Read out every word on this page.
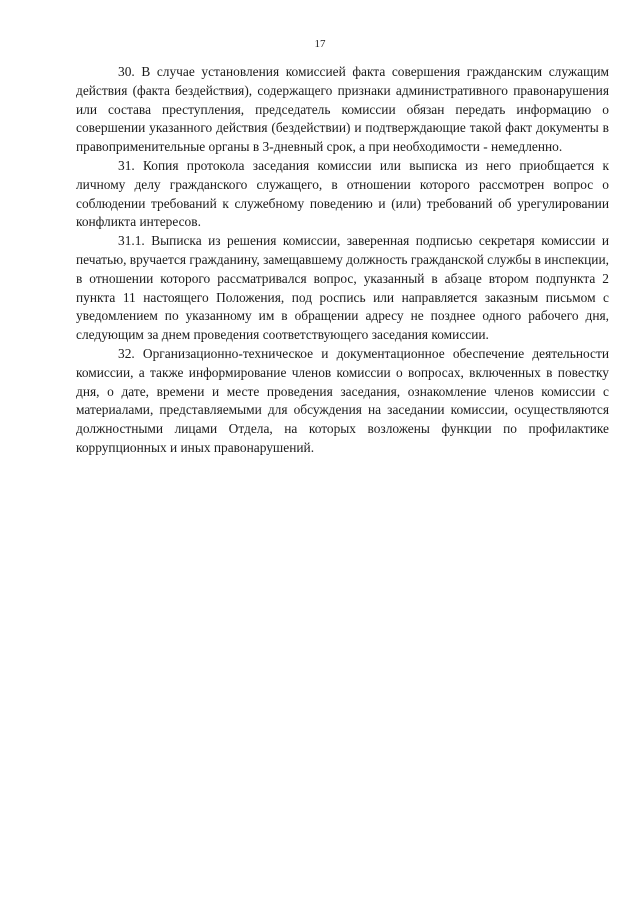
17

30. В случае установления комиссией факта совершения гражданским служащим действия (факта бездействия), содержащего признаки административного правонарушения или состава преступления, председатель комиссии обязан передать информацию о совершении указанного действия (бездействии) и подтверждающие такой факт документы в правоприменительные органы в 3-дневный срок, а при необходимости - немедленно.

31. Копия протокола заседания комиссии или выписка из него приобщается к личному делу гражданского служащего, в отношении которого рассмотрен вопрос о соблюдении требований к служебному поведению и (или) требований об урегулировании конфликта интересов.

31.1. Выписка из решения комиссии, заверенная подписью секретаря комиссии и печатью, вручается гражданину, замещавшему должность гражданской службы в инспекции, в отношении которого рассматривался вопрос, указанный в абзаце втором подпункта 2 пункта 11 настоящего Положения, под роспись или направляется заказным письмом с уведомлением по указанному им в обращении адресу не позднее одного рабочего дня, следующим за днем проведения соответствующего заседания комиссии.

32. Организационно-техническое и документационное обеспечение деятельности комиссии, а также информирование членов комиссии о вопросах, включенных в повестку дня, о дате, времени и месте проведения заседания, ознакомление членов комиссии с материалами, представляемыми для обсуждения на заседании комиссии, осуществляются должностными лицами Отдела, на которых возложены функции по профилактике коррупционных и иных правонарушений.
